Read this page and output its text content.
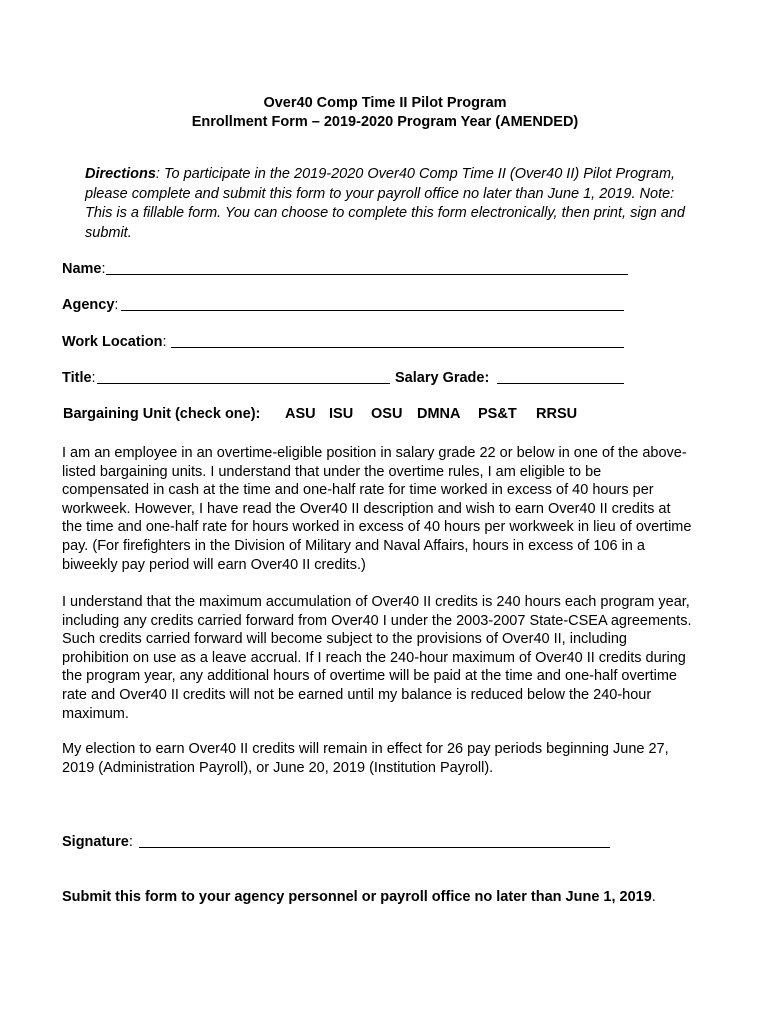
Over40 Comp Time II Pilot Program
Enrollment Form – 2019-2020 Program Year (AMENDED)
Directions: To participate in the 2019-2020 Over40 Comp Time II (Over40 II) Pilot Program, please complete and submit this form to your payroll office no later than June 1, 2019. Note: This is a fillable form. You can choose to complete this form electronically, then print, sign and submit.
Name:
Agency:
Work Location:
Title:	Salary Grade:
Bargaining Unit (check one): ASU ISU OSU DMNA PS&T RRSU
I am an employee in an overtime-eligible position in salary grade 22 or below in one of the above-listed bargaining units. I understand that under the overtime rules, I am eligible to be compensated in cash at the time and one-half rate for time worked in excess of 40 hours per workweek. However, I have read the Over40 II description and wish to earn Over40 II credits at the time and one-half rate for hours worked in excess of 40 hours per workweek in lieu of overtime pay. (For firefighters in the Division of Military and Naval Affairs, hours in excess of 106 in a biweekly pay period will earn Over40 II credits.)
I understand that the maximum accumulation of Over40 II credits is 240 hours each program year, including any credits carried forward from Over40 I under the 2003-2007 State-CSEA agreements. Such credits carried forward will become subject to the provisions of Over40 II, including prohibition on use as a leave accrual. If I reach the 240-hour maximum of Over40 II credits during the program year, any additional hours of overtime will be paid at the time and one-half overtime rate and Over40 II credits will not be earned until my balance is reduced below the 240-hour maximum.
My election to earn Over40 II credits will remain in effect for 26 pay periods beginning June 27, 2019 (Administration Payroll), or June 20, 2019 (Institution Payroll).
Signature:
Submit this form to your agency personnel or payroll office no later than June 1, 2019.
